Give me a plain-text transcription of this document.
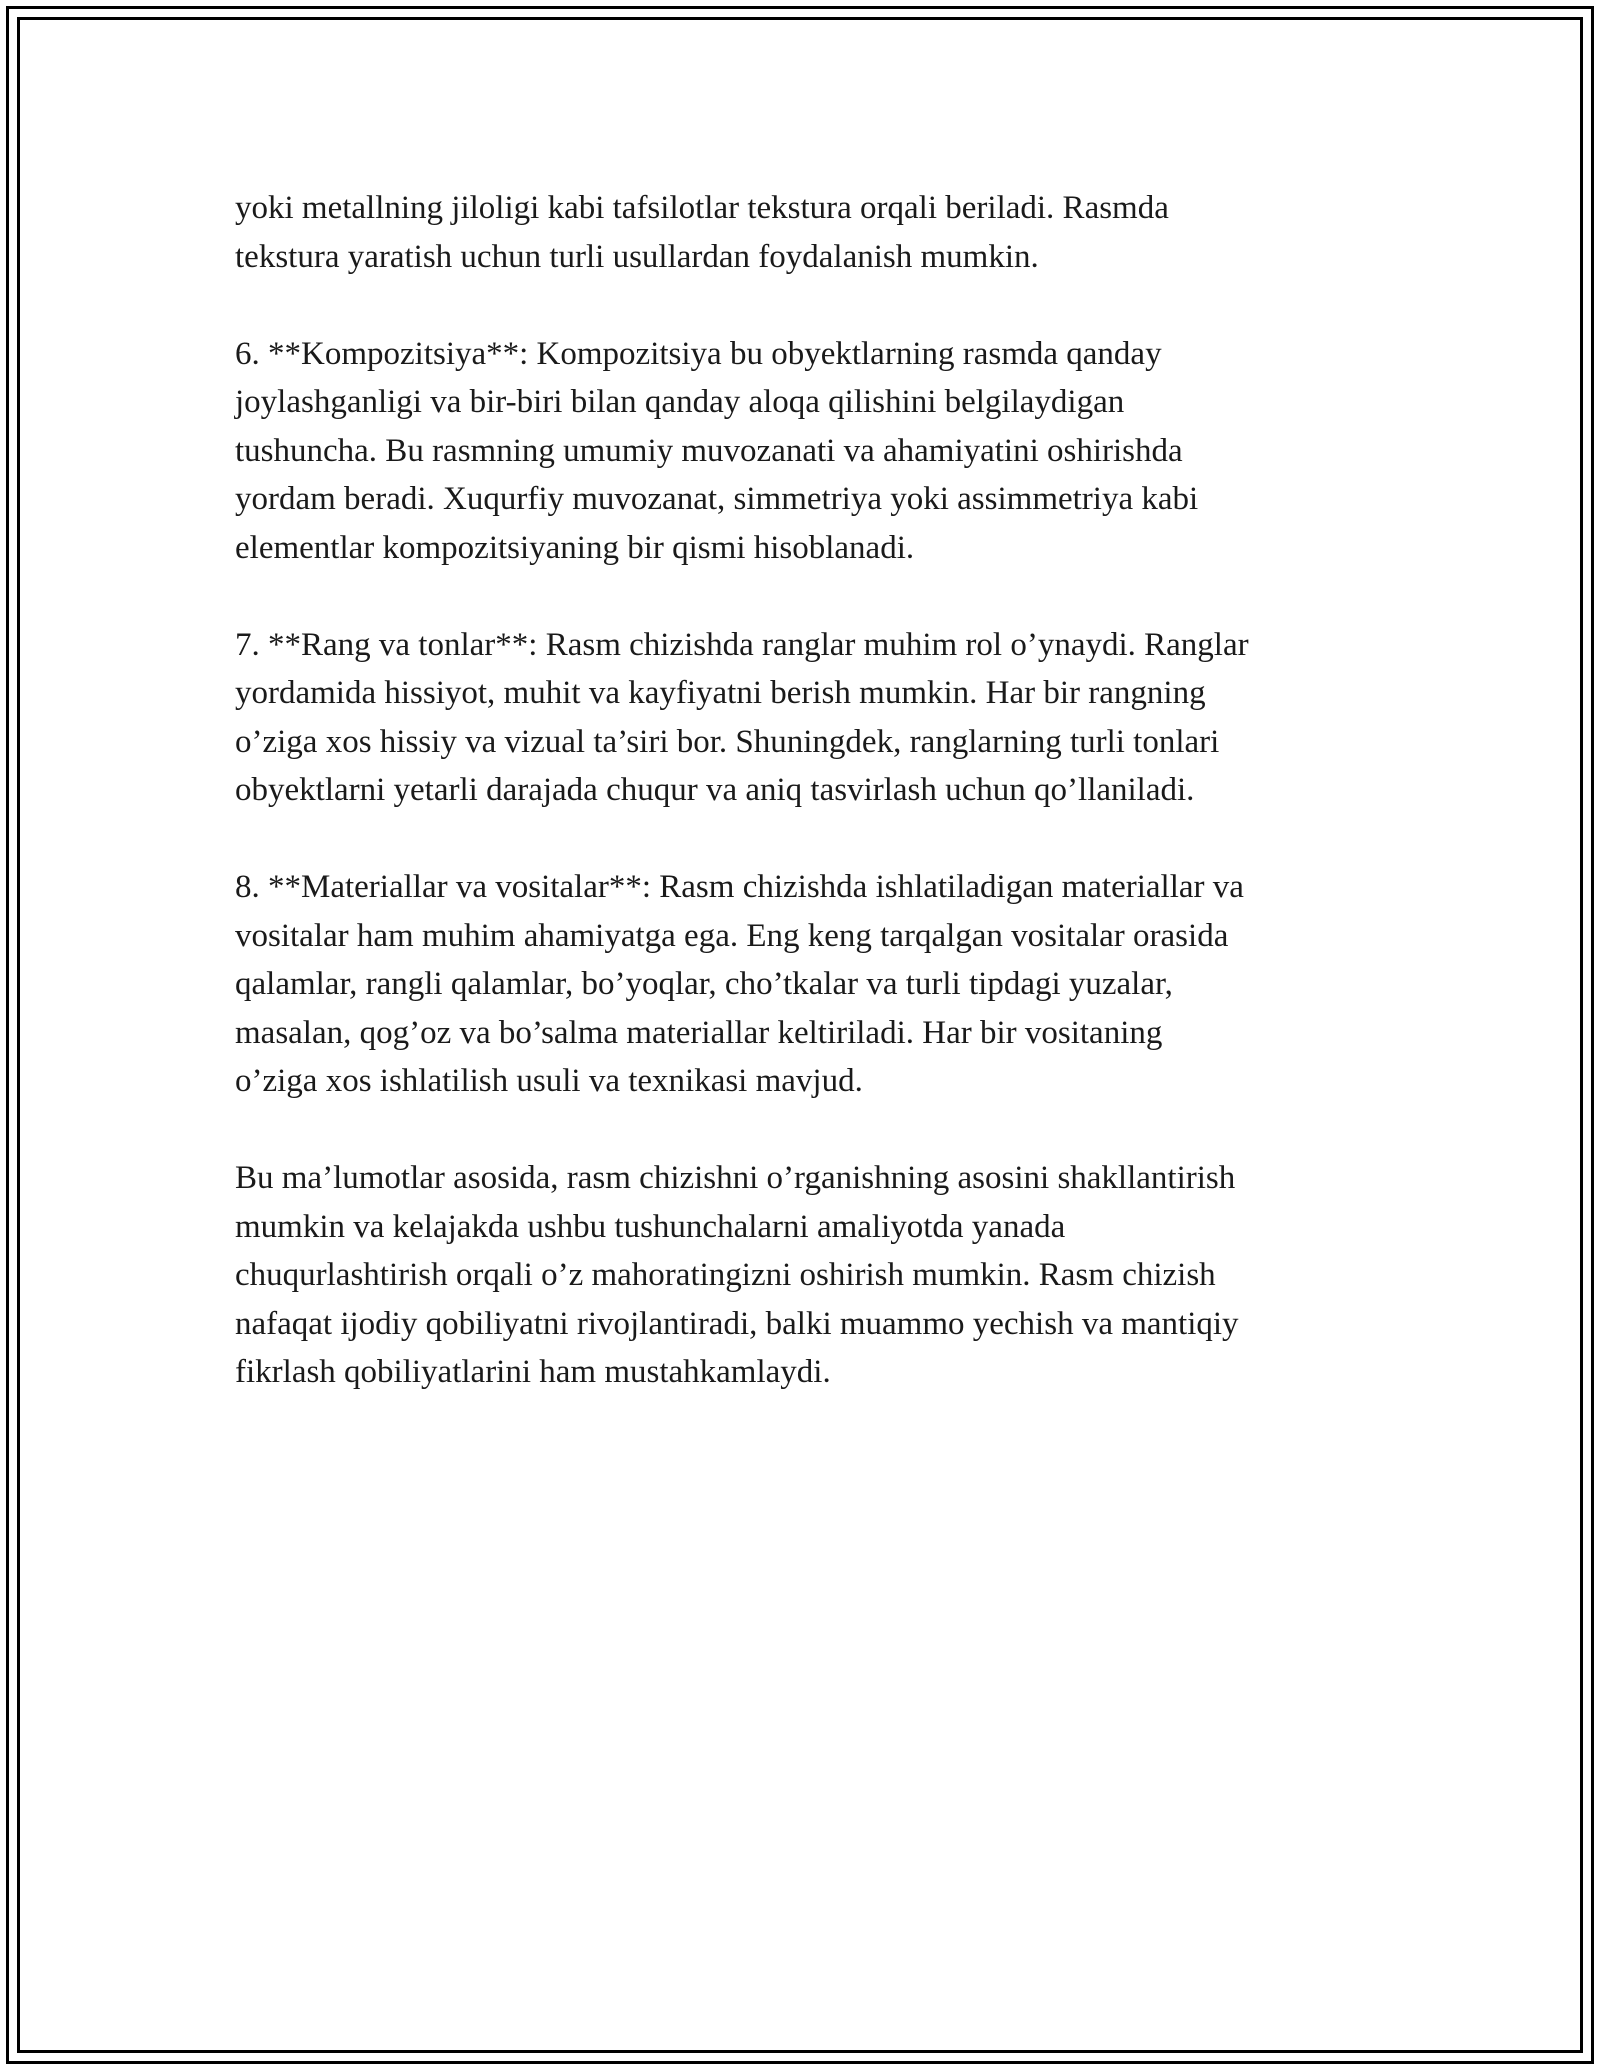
yoki metallning jiloligi kabi tafsilotlar tekstura orqali beriladi. Rasmda
tekstura yaratish uchun turli usullardan foydalanish mumkin.

6. **Kompozitsiya**: Kompozitsiya bu obyektlarning rasmda qanday
joylashganligi va bir-biri bilan qanday aloqa qilishini belgilaydigan
tushuncha. Bu rasmning umumiy muvozanati va ahamiyatini oshirishda
yordam beradi. Xuqurfiy muvozanat, simmetriya yoki assimmetriya kabi
elementlar kompozitsiyaning bir qismi hisoblanadi.

7. **Rang va tonlar**: Rasm chizishda ranglar muhim rol o’ynaydi. Ranglar
yordamida hissiyot, muhit va kayfiyatni berish mumkin. Har bir rangning
o’ziga xos hissiy va vizual ta’siri bor. Shuningdek, ranglarning turli tonlari
obyektlarni yetarli darajada chuqur va aniq tasvirlash uchun qo’llaniladi.

8. **Materiallar va vositalar**: Rasm chizishda ishlatiladigan materiallar va
vositalar ham muhim ahamiyatga ega. Eng keng tarqalgan vositalar orasida
qalamlar, rangli qalamlar, bo’yoqlar, cho’tkalar va turli tipdagi yuzalar,
masalan, qog’oz va bo’salma materiallar keltiriladi. Har bir vositaning
o’ziga xos ishlatilish usuli va texnikasi mavjud.

Bu ma’lumotlar asosida, rasm chizishni o’rganishning asosini shakllantirish
mumkin va kelajakda ushbu tushunchalarni amaliyotda yanada
chuqurlashtirish orqali o’z mahoratingizni oshirish mumkin. Rasm chizish
nafaqat ijodiy qobiliyatni rivojlantiradi, balki muammo yechish va mantiqiy
fikrlash qobiliyatlarini ham mustahkamlaydi.
